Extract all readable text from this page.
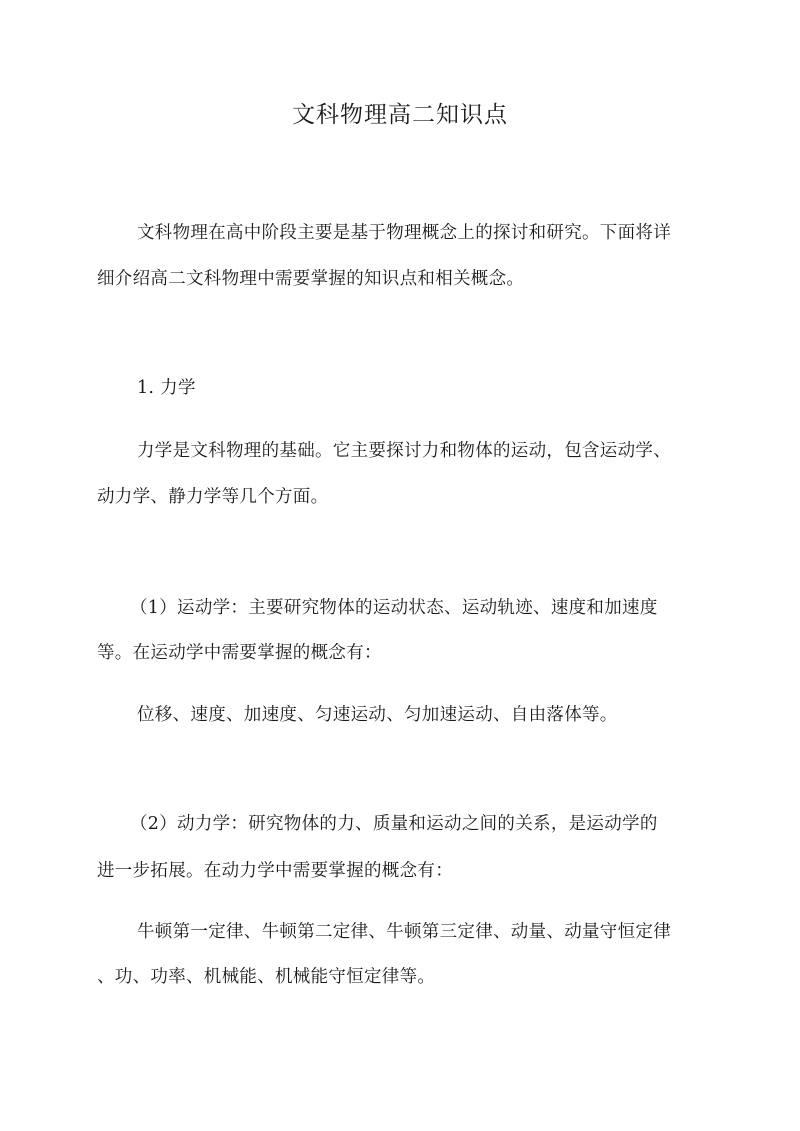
文科物理高二知识点

文科物理在高中阶段主要是基于物理概念上的探讨和研究。下面将详

细介绍高二文科物理中需要掌握的知识点和相关概念。

1. 力学

力学是文科物理的基础。它主要探讨力和物体的运动，包含运动学、

动力学、静力学等几个方面。

（1）运动学：主要研究物体的运动状态、运动轨迹、速度和加速度

等。在运动学中需要掌握的概念有：

位移、速度、加速度、匀速运动、匀加速运动、自由落体等。

（2）动力学：研究物体的力、质量和运动之间的关系，是运动学的

进一步拓展。在动力学中需要掌握的概念有：

牛顿第一定律、牛顿第二定律、牛顿第三定律、动量、动量守恒定律

、功、功率、机械能、机械能守恒定律等。
